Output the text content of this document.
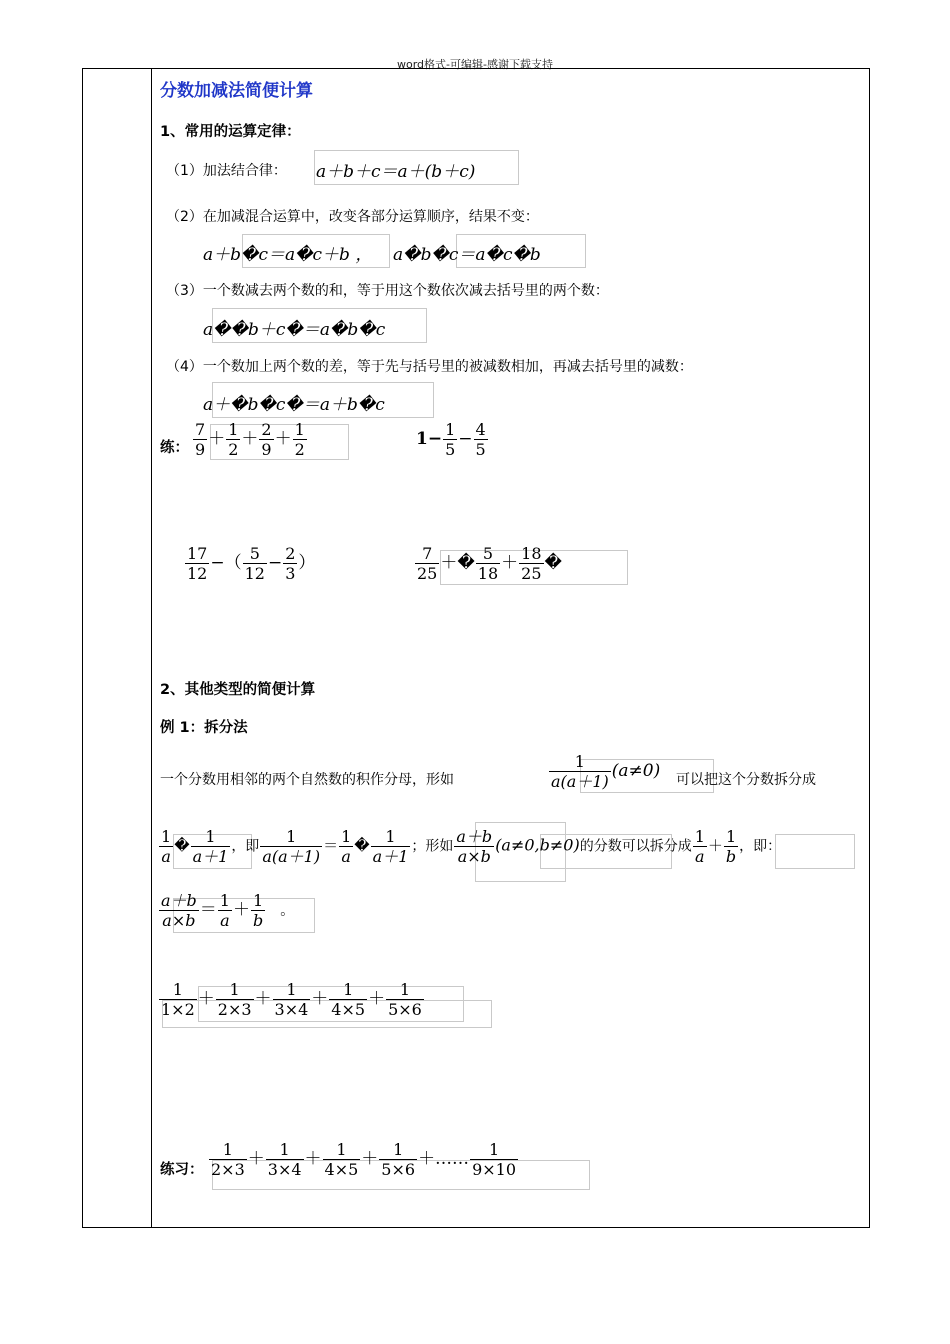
word格式-可编辑-感谢下载支持
分数加减法简便计算
1、常用的运算定律：
（1）加法结合律： a＋b＋c＝a＋(b＋c)
（2）在加减混合运算中，改变各部分运算顺序，结果不变：
a＋b�c＝a�c＋b ， a�b�c＝a�c�b
（3）一个数减去两个数的和，等于用这个数依次减去括号里的两个数：
a��b＋c�＝a�b�c
（4）一个数加上两个数的差，等于先与括号里的被减数相加，再减去括号里的减数：
a＋�b�c�＝a＋b�c
练： $\frac{7}{9} + \frac{1}{2} + \frac{2}{9} + \frac{1}{2}$	$1- \frac{1}{5} - \frac{4}{5}$
$\frac{17}{12}$ −（ $\frac{5}{12} - \frac{2}{3}$ ）	$\frac{7}{25}$ ＋� $\frac{5}{18} + \frac{18}{25}$ �
2、其他类型的简便计算
例 1：拆分法
一个分数用相邻的两个自然数的积作分母，形如	$\frac{1}{a(a+1)} (a\ne 0)$ 可以把这个分数拆分成
$\frac{1}{a}$ � $\frac{1}{a+1}$ ，即 $\frac{1}{a(a+1)} = \frac{1}{a}$ � $\frac{1}{a+1}$ ；形如 $\frac{a+b}{a\times b} (a\ne 0,b\ne 0)$的分数可以拆分成 $\frac{1}{a} + \frac{1}{b}$ ，即：
$\frac{a+b}{a\times b} = \frac{1}{a} + \frac{1}{b}$ 。
$\frac{1}{1\times 2} + \frac{1}{2\times 3} + \frac{1}{3\times 4} + \frac{1}{4\times 5} + \frac{1}{5\times 6}$
练习： $\frac{1}{2\times 3} + \frac{1}{3\times 4} + \frac{1}{4\times 5} + \frac{1}{5\times 6}$ ＋…… $\frac{1}{9\times 10}$
